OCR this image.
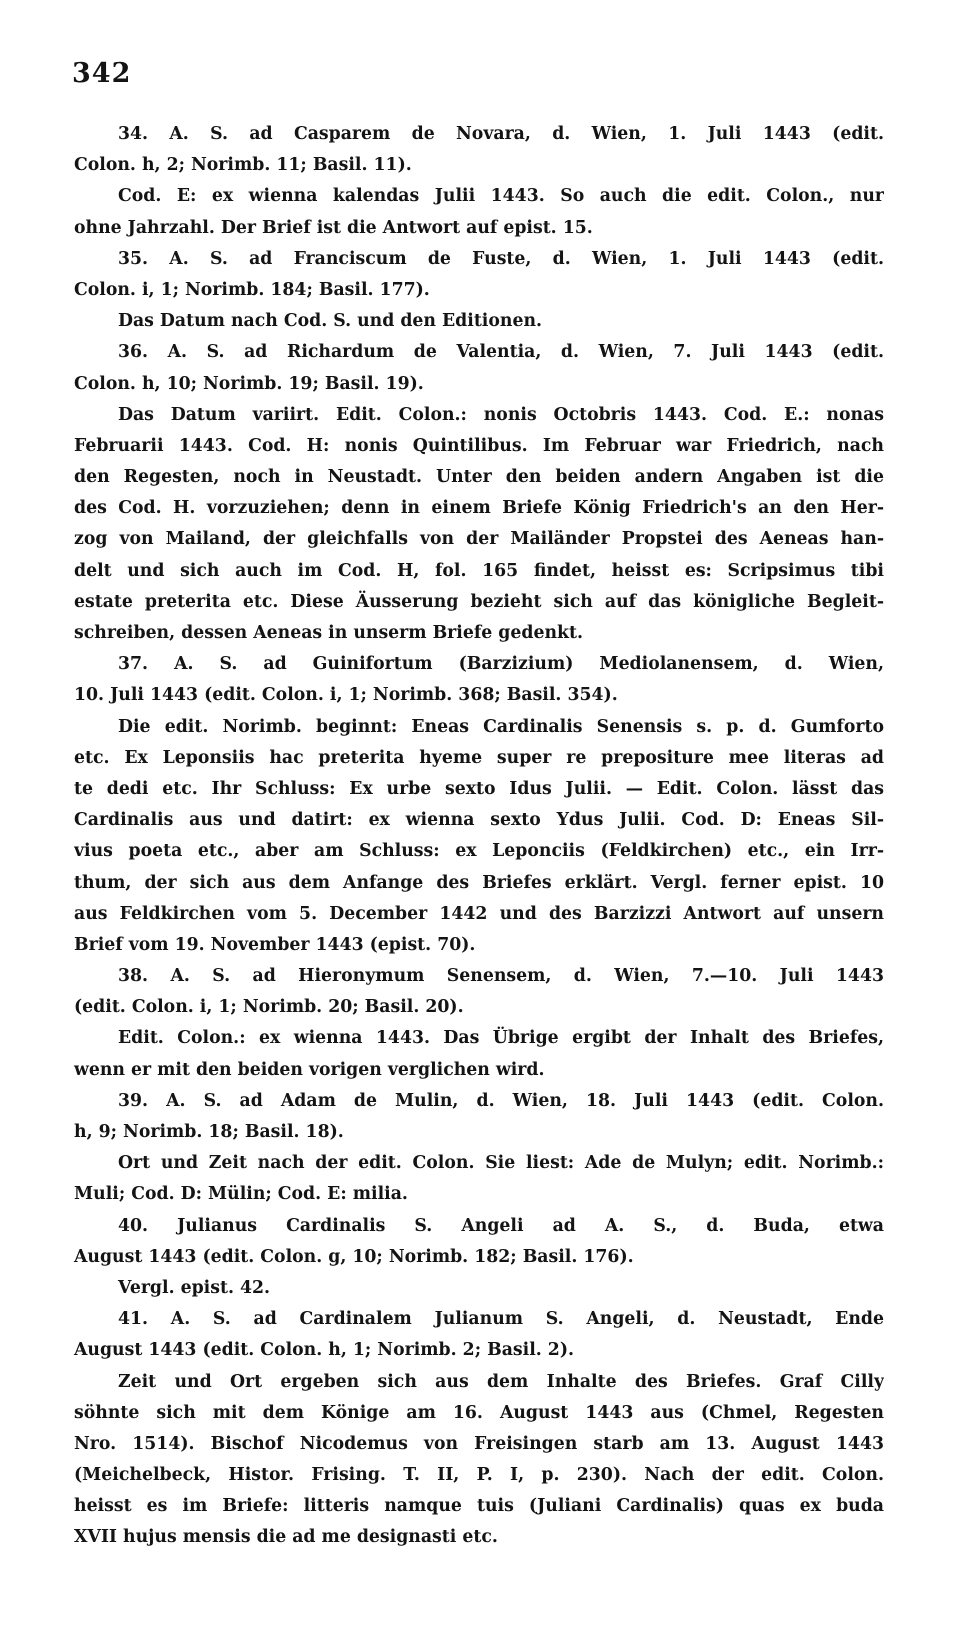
342
34. A. S. ad Casparem de Novara, d. Wien, 1. Juli 1443 (edit.
Colon. h, 2; Norimb. 11; Basil. 11).
Cod. E: ex wienna kalendas Julii 1443. So auch die edit. Colon., nur
ohne Jahrzahl. Der Brief ist die Antwort auf epist. 15.
35. A. S. ad Franciscum de Fuste, d. Wien, 1. Juli 1443 (edit.
Colon. i, 1; Norimb. 184; Basil. 177).
Das Datum nach Cod. S. und den Editionen.
36. A. S. ad Richardum de Valentia, d. Wien, 7. Juli 1443 (edit.
Colon. h, 10; Norimb. 19; Basil. 19).
Das Datum variirt. Edit. Colon.: nonis Octobris 1443. Cod. E.: nonas
Februarii 1443. Cod. H: nonis Quintilibus. Im Februar war Friedrich, nach
den Regesten, noch in Neustadt. Unter den beiden andern Angaben ist die
des Cod. H. vorzuziehen; denn in einem Briefe König Friedrich's an den Her-
zog von Mailand, der gleichfalls von der Mailänder Propstei des Aeneas han-
delt und sich auch im Cod. H, fol. 165 findet, heisst es: Scripsimus tibi
estate preterita etc. Diese Äusserung bezieht sich auf das königliche Begleit-
schreiben, dessen Aeneas in unserm Briefe gedenkt.
37. A. S. ad Guinifortum (Barzizium) Mediolanensem, d. Wien,
10. Juli 1443 (edit. Colon. i, 1; Norimb. 368; Basil. 354).
Die edit. Norimb. beginnt: Eneas Cardinalis Senensis s. p. d. Gumforto
etc. Ex Leponsiis hac preterita hyeme super re prepositure mee literas ad
te dedi etc. Ihr Schluss: Ex urbe sexto Idus Julii. — Edit. Colon. lässt das
Cardinalis aus und datirt: ex wienna sexto Ydus Julii. Cod. D: Eneas Sil-
vius poeta etc., aber am Schluss: ex Leponciis (Feldkirchen) etc., ein Irr-
thum, der sich aus dem Anfange des Briefes erklärt. Vergl. ferner epist. 10
aus Feldkirchen vom 5. December 1442 und des Barzizzi Antwort auf unsern
Brief vom 19. November 1443 (epist. 70).
38. A. S. ad Hieronymum Senensem, d. Wien, 7.—10. Juli 1443
(edit. Colon. i, 1; Norimb. 20; Basil. 20).
Edit. Colon.: ex wienna 1443. Das Übrige ergibt der Inhalt des Briefes,
wenn er mit den beiden vorigen verglichen wird.
39. A. S. ad Adam de Mulin, d. Wien, 18. Juli 1443 (edit. Colon.
h, 9; Norimb. 18; Basil. 18).
Ort und Zeit nach der edit. Colon. Sie liest: Ade de Mulyn; edit. Norimb.:
Muli; Cod. D: Mülin; Cod. E: milia.
40. Julianus Cardinalis S. Angeli ad A. S., d. Buda, etwa
August 1443 (edit. Colon. g, 10; Norimb. 182; Basil. 176).
Vergl. epist. 42.
41. A. S. ad Cardinalem Julianum S. Angeli, d. Neustadt, Ende
August 1443 (edit. Colon. h, 1; Norimb. 2; Basil. 2).
Zeit und Ort ergeben sich aus dem Inhalte des Briefes. Graf Cilly
söhnte sich mit dem Könige am 16. August 1443 aus (Chmel, Regesten
Nro. 1514). Bischof Nicodemus von Freisingen starb am 13. August 1443
(Meichelbeck, Histor. Frising. T. II, P. I, p. 230). Nach der edit. Colon.
heisst es im Briefe: litteris namque tuis (Juliani Cardinalis) quas ex buda
XVII hujus mensis die ad me designasti etc.
